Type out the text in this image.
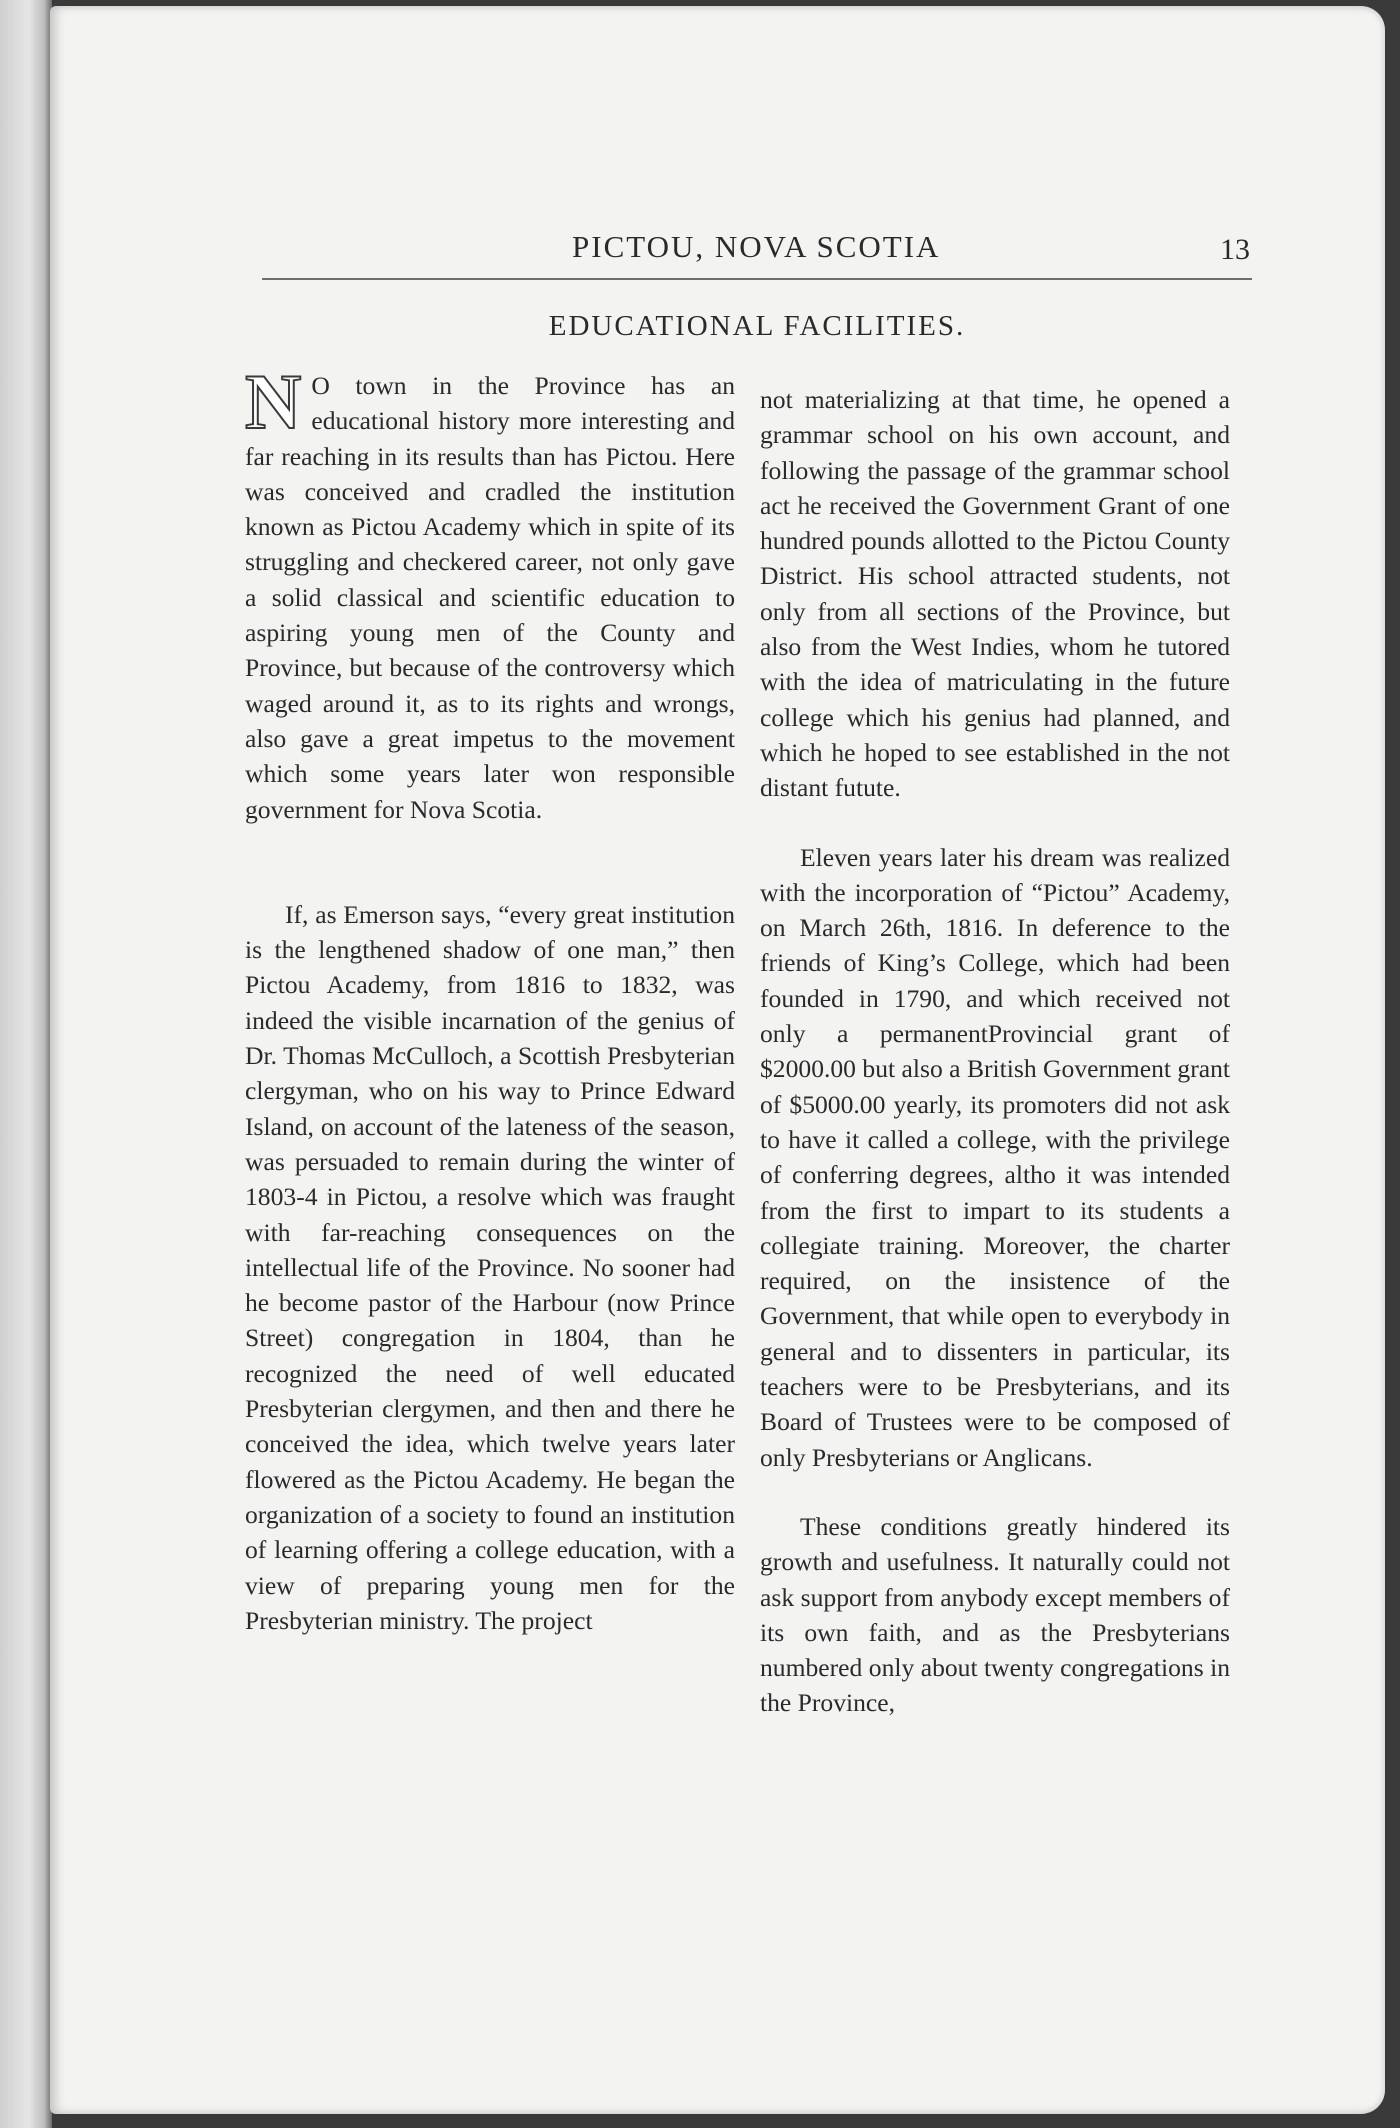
PICTOU, NOVA SCOTIA	13
EDUCATIONAL FACILITIES.

N O town in the Province has an educational history more interesting and far reaching in its results than has Pictou. Here was conceived and cradled the institution known as Pictou Academy which in spite of its struggling and checkered career, not only gave a solid classical and scientific education to aspiring young men of the County and Province, but because of the controversy which waged around it, as to its rights and wrongs, also gave a great impetus to the movement which some years later won responsible government for Nova Scotia.

If, as Emerson says, “every great institution is the lengthened shadow of one man,” then Pictou Academy, from 1816 to 1832, was indeed the visible incarnation of the genius of Dr. Thomas McCulloch, a Scottish Presbyterian clergyman, who on his way to Prince Edward Island, on account of the lateness of the season, was persuaded to remain during the winter of 1803-4 in Pictou, a resolve which was fraught with far-reaching consequences on the intellectual life of the Province. No sooner had he become pastor of the Harbour (now Prince Street) congregation in 1804, than he recognized the need of well educated Presbyterian clergymen, and then and there he conceived the idea, which twelve years later flowered as the Pictou Academy. He began the organization of a society to found an institution of learning offering a college education, with a view of preparing young men for the Presbyterian ministry. The project

not materializing at that time, he opened a grammar school on his own account, and following the passage of the grammar school act he received the Government Grant of one hundred pounds allotted to the Pictou County District. His school attracted students, not only from all sections of the Province, but also from the West Indies, whom he tutored with the idea of matriculating in the future college which his genius had planned, and which he hoped to see established in the not distant futute.

Eleven years later his dream was realized with the incorporation of “Pictou” Academy, on March 26th, 1816. In deference to the friends of King’s College, which had been founded in 1790, and which received not only a permanentProvincial grant of $2000.00 but also a British Government grant of $5000.00 yearly, its promoters did not ask to have it called a college, with the privilege of conferring degrees, altho it was intended from the first to impart to its students a collegiate training. Moreover, the charter required, on the insistence of the Government, that while open to everybody in general and to dissenters in particular, its teachers were to be Presbyterians, and its Board of Trustees were to be composed of only Presbyterians or Anglicans.

These conditions greatly hindered its growth and usefulness. It naturally could not ask support from anybody except members of its own faith, and as the Presbyterians numbered only about twenty congregations in the Province,
